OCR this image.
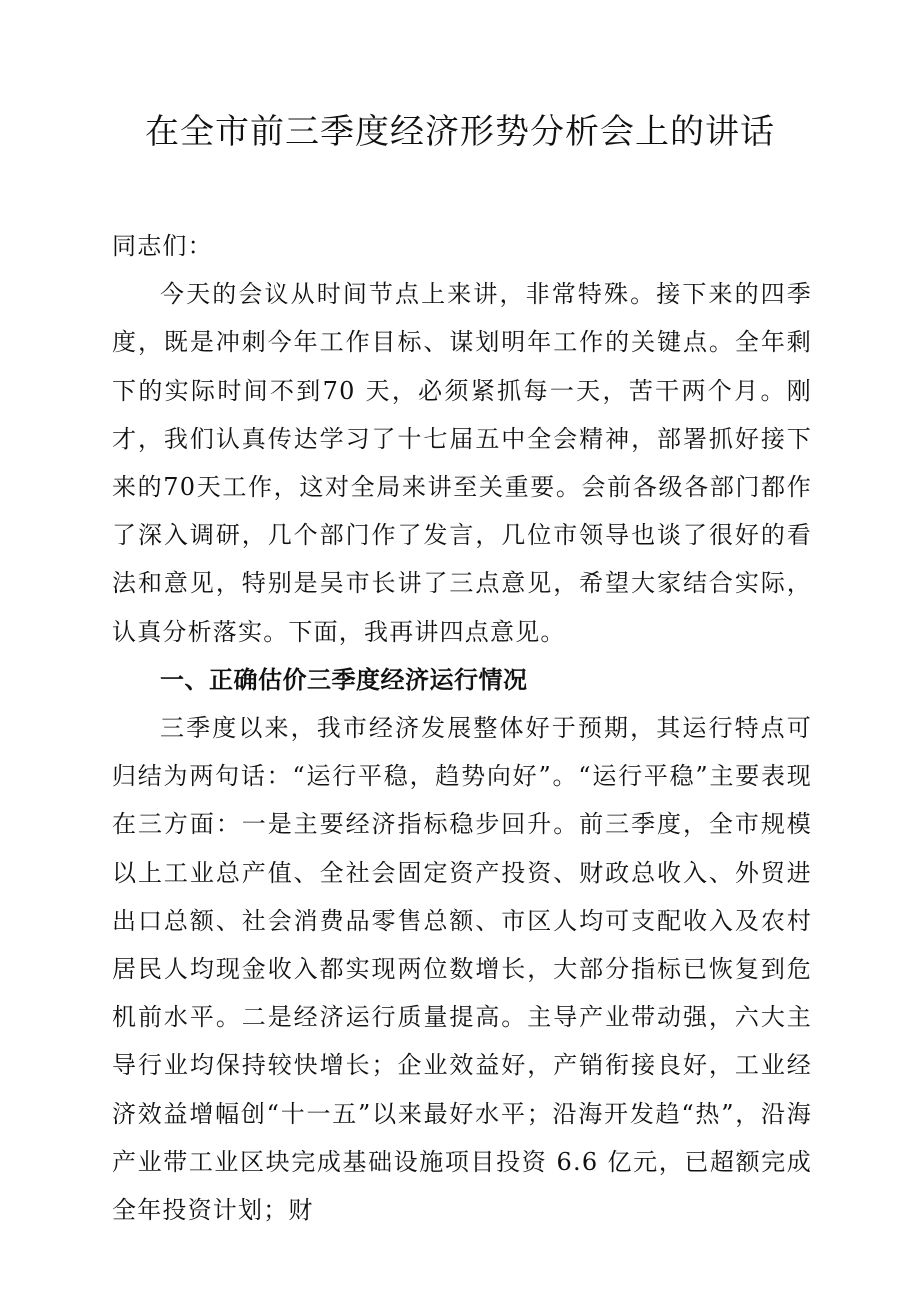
在全市前三季度经济形势分析会上的讲话

同志们：

今天的会议从时间节点上来讲，非常特殊。接下来的四季度，既是冲刺今年工作目标、谋划明年工作的关键点。全年剩下的实际时间不到70 天，必须紧抓每一天，苦干两个月。刚才，我们认真传达学习了十七届五中全会精神，部署抓好接下来的70天工作，这对全局来讲至关重要。会前各级各部门都作了深入调研，几个部门作了发言，几位市领导也谈了很好的看法和意见，特别是吴市长讲了三点意见，希望大家结合实际，认真分析落实。下面，我再讲四点意见。

一、正确估价三季度经济运行情况

三季度以来，我市经济发展整体好于预期，其运行特点可归结为两句话：“运行平稳，趋势向好”。“运行平稳”主要表现在三方面：一是主要经济指标稳步回升。前三季度，全市规模以上工业总产值、全社会固定资产投资、财政总收入、外贸进出口总额、社会消费品零售总额、市区人均可支配收入及农村居民人均现金收入都实现两位数增长，大部分指标已恢复到危机前水平。二是经济运行质量提高。主导产业带动强，六大主导行业均保持较快增长；企业效益好，产销衔接良好，工业经济效益增幅创“十一五”以来最好水平；沿海开发趋“热”，沿海产业带工业区块完成基础设施项目投资 6.6 亿元，已超额完成全年投资计划；财
